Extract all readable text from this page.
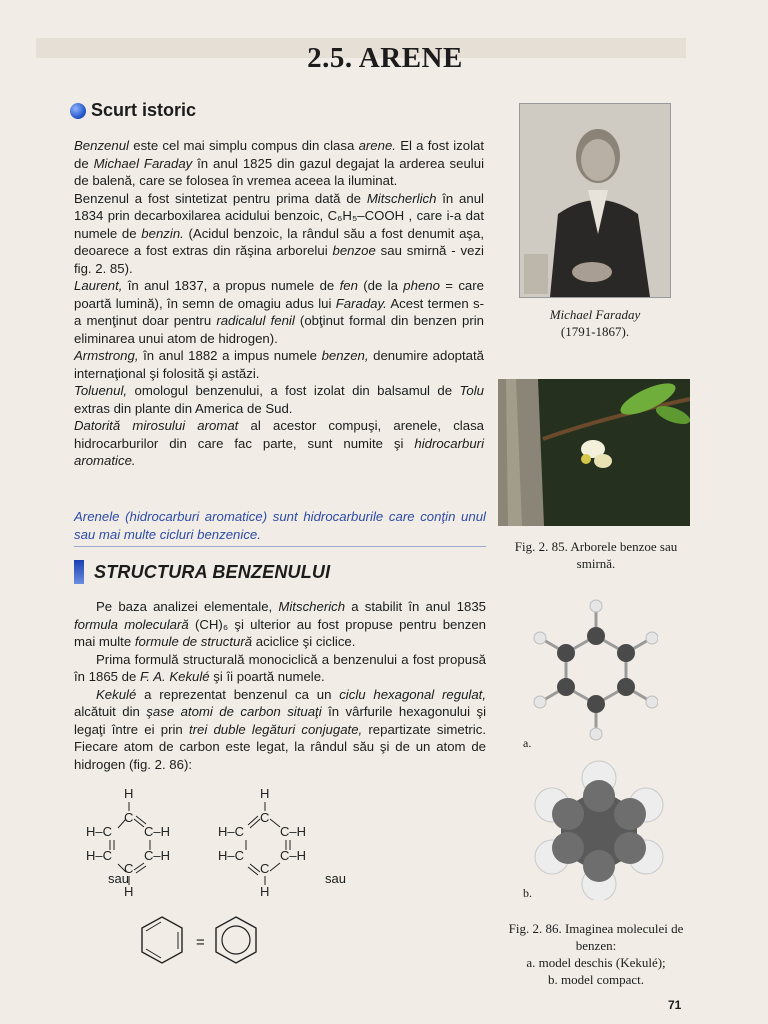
2.5. ARENE
Scurt istoric

Benzenul este cel mai simplu compus din clasa arene. El a fost izolat de Michael Faraday în anul 1825 din gazul degajat la arderea seului de balenă, care se folosea în vremea aceea la iluminat.

Benzenul a fost sintetizat pentru prima dată de Mitscherlich în anul 1834 prin decarboxilarea acidului benzoic, C₆H₅–COOH , care i-a dat numele de benzin. (Acidul benzoic, la rândul său a fost denumit aşa, deoarece a fost extras din răşina arborelui benzoe sau smirnă - vezi fig. 2. 85).

Laurent, în anul 1837, a propus numele de fen (de la pheno = care poartă lumină), în semn de omagiu adus lui Faraday. Acest termen s-a menţinut doar pentru radicalul fenil (obţinut formal din benzen prin eliminarea unui atom de hidrogen).

Armstrong, în anul 1882 a impus numele benzen, denumire adoptată internaţional şi folosită şi astăzi.

Toluenul, omologul benzenului, a fost izolat din balsamul de Tolu extras din plante din America de Sud.

Datorită mirosului aromat al acestor compuşi, arenele, clasa hidrocarburilor din care fac parte, sunt numite şi hidrocarburi aromatice.

Arenele (hidrocarburi aromatice) sunt hidrocarburile care conţin unul sau mai multe cicluri benzenice.
STRUCTURA BENZENULUI

Pe baza analizei elementale, Mitscherich a stabilit în anul 1835 formula moleculară (CH)₆ şi ulterior au fost propuse pentru benzen mai multe formule de structură aciclice şi ciclice.

Prima formulă structurală monociclică a benzenului a fost propusă în 1865 de F. A. Kekulé şi îi poartă numele.

Kekulé a reprezentat benzenul ca un ciclu hexagonal regulat, alcătuit din şase atomi de carbon situaţi în vârfurile hexagonului şi legaţi între ei prin trei duble legături conjugate, repartizate simetric. Fiecare atom de carbon este legat, la rândul său şi de un atom de hidrogen (fig. 2. 86):

H
C
H–C C–H
H–C C–H
C
H
H
C
H–C	C–H
H–C	C–H
C
H
sau	sau
=
Michael Faraday
(1791-1867).
Fig. 2. 85. Arborele benzoe sau smirnă.
a.
b.
Fig. 2. 86. Imaginea moleculei de benzen:
a. model deschis (Kekulé);
b. model compact.
71
